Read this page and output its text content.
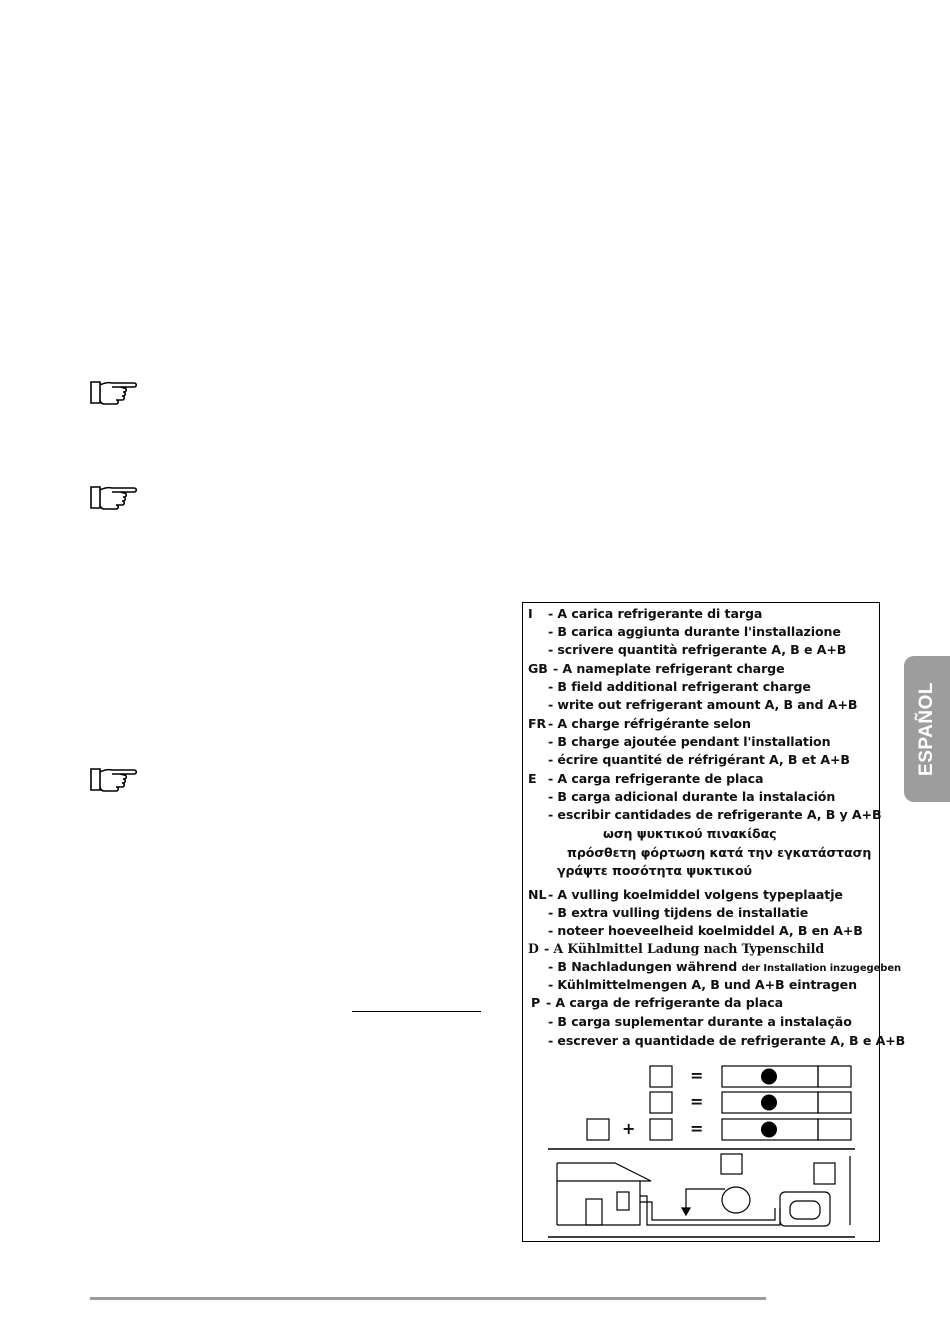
I - A carica refrigerante di targa
- B carica aggiunta durante l'installazione
- scrivere quantità refrigerante A, B e A+B
GB - A nameplate refrigerant charge
- B field additional refrigerant charge
- write out refrigerant amount A, B and A+B
FR - A charge réfrigérante selon
- B charge ajoutée pendant l'installation
- écrire quantité de réfrigérant A, B et A+B
E - A carga refrigerante de placa
- B carga adicional durante la instalación
- escribir cantidades de refrigerante A, B y A+B
ωση ψυκτικού πινακίδας
πρόσθετη φόρτωση κατά την εγκατάσταση
γράψτε ποσότητα ψυκτικού
NL - A vulling koelmiddel volgens typeplaatje
- B extra vulling tijdens de installatie
- noteer hoeveelheid koelmiddel A, B en A+B
D - A Kühlmittel Ladung nach Typenschild
- B Nachladungen während der Installation inzugegeben
- Kühlmittelmengen A, B und A+B eintragen
P - A carga de refrigerante da placa
- B carga suplementar durante a instalação
- escrever a quantidade de refrigerante A, B e A+B
=
=
=
+
ESPAÑOL
